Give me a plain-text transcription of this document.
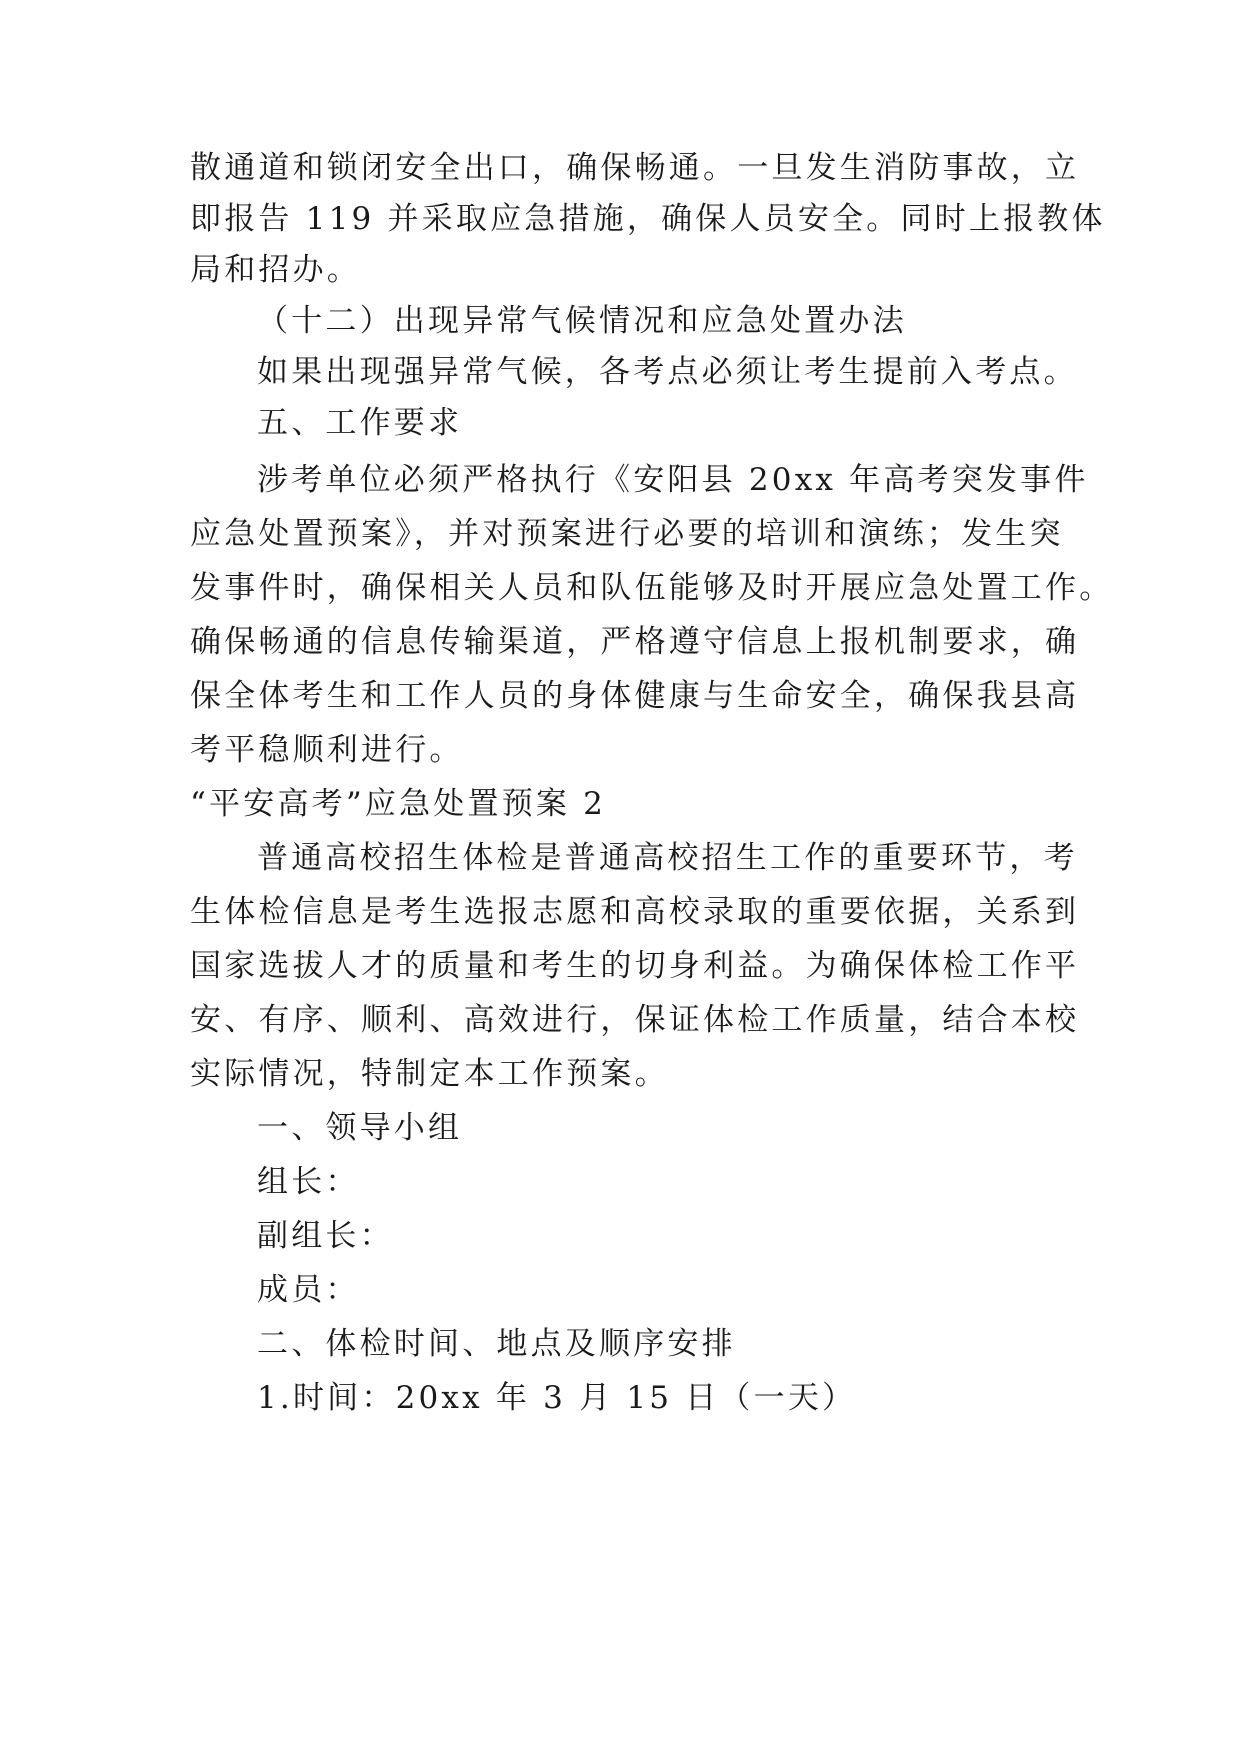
散通道和锁闭安全出口，确保畅通。一旦发生消防事故，立
即报告 119 并采取应急措施，确保人员安全。同时上报教体
局和招办。
（十二）出现异常气候情况和应急处置办法
如果出现强异常气候，各考点必须让考生提前入考点。
五、工作要求
涉考单位必须严格执行《安阳县 20xx 年高考突发事件
应急处置预案》，并对预案进行必要的培训和演练；发生突
发事件时，确保相关人员和队伍能够及时开展应急处置工作。
确保畅通的信息传输渠道，严格遵守信息上报机制要求，确
保全体考生和工作人员的身体健康与生命安全，确保我县高
考平稳顺利进行。
“平安高考”应急处置预案 2
普通高校招生体检是普通高校招生工作的重要环节，考
生体检信息是考生选报志愿和高校录取的重要依据，关系到
国家选拔人才的质量和考生的切身利益。为确保体检工作平
安、有序、顺利、高效进行，保证体检工作质量，结合本校
实际情况，特制定本工作预案。
一、领导小组
组长：
副组长：
成员：
二、体检时间、地点及顺序安排
1.时间：20xx 年 3 月 15 日（一天）
